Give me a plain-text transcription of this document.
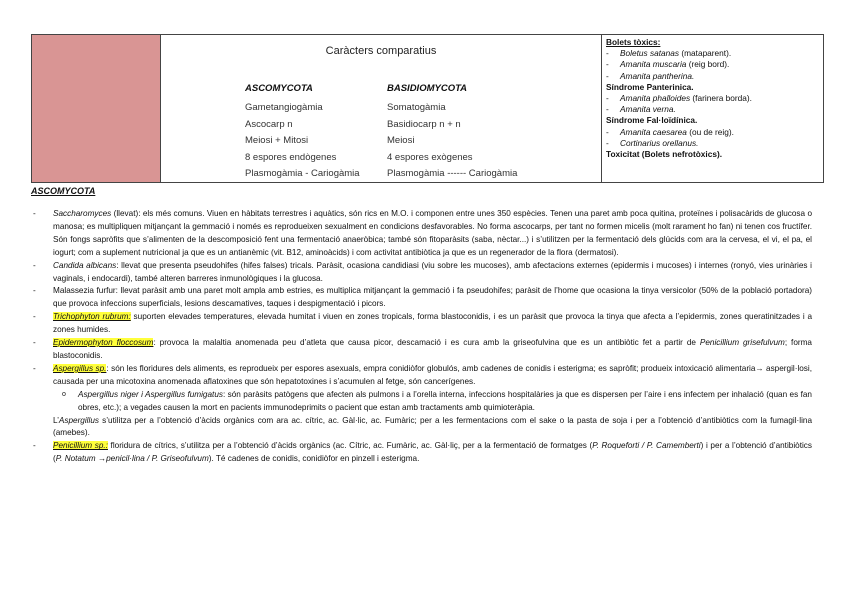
Caràcters comparatius
ASCOMYCOTA
Gametangiogàmia
Ascocarp n
Meiosi + Mitosi
8 espores endògenes
Plasmogàmia - Cariogàmia
BASIDIOMYCOTA
Somatogàmia
Basidiocarp n + n
Meiosi
4 espores exògenes
Plasmogàmia ------ Cariogàmia
Bolets tòxics:
- Boletus satanas (mataparent).
- Amanita muscaria (reig bord).
- Amanita pantherina.
Síndrome Panterinica.
- Amanita phalloides (farinera borda).
- Amanita verna.
Síndrome Fal·loïdínica.
- Amanita caesarea (ou de reig).
- Cortinarius orellanus.
Toxicitat (Bolets nefrotòxics).
ASCOMYCOTA
- Saccharomyces (llevat): els més comuns. Viuen en hàbitats terrestres i aquàtics, són rics en M.O. i componen entre unes 350 espècies. Tenen una paret amb poca quitina, proteïnes i polisacàrids de glucosa o manosa; es multipliquen mitjançant la gemmació i només es reprodueixen sexualment en condicions desfavorables. No forma ascocarps, per tant no formen micelis (molt rarament ho fan) ni tenen cos fructífer. Són fongs sapròfits que s’alimenten de la descomposició fent una fermentació anaeròbica; també són fitoparàsits (saba, nèctar...) i s’utilitzen per la fermentació dels glúcids com ara la cervesa, el vi, el pa, el iogurt; com a suplement nutricional ja que es un antianèmic (vit. B12, aminoàcids) i com activitat antibiòtica ja que es un regenerador de la flora (dermatosi).
- Candida albicans: llevat que presenta pseudohifes (hifes falses) tricals. Paràsit, ocasiona candidiasi (viu sobre les mucoses), amb afectacions externes (epidermis i mucoses) i internes (ronyó, vies urinàries i vaginals, i endocardi), també alteren barreres inmunològiques i la glucosa.
- Malassezia furfur: llevat paràsit amb una paret molt ampla amb estries, es multiplica mitjançant la gemmació i fa pseudohifes; paràsit de l’home que ocasiona la tinya versicolor (50% de la població portadora) que provoca infeccions superficials, lesions descamatives, taques i despigmentació i picors.
- Trichophyton rubrum: suporten elevades temperatures, elevada humitat i viuen en zones tropicals, forma blastoconidis, i es un paràsit que provoca la tinya que afecta a l’epidermis, zones queratinitzades i a zones humides.
- Epidermophyton floccosum: provoca la malaltia anomenada peu d’atleta que causa picor, descamació i es cura amb la griseofulvina que es un antibiòtic fet a partir de Penicillium grisefulvum; forma blastoconidis.
- Aspergillus sp.: són les floridures dels aliments, es reprodueix per espores asexuals, empra conidiòfor globulós, amb cadenes de conidis i esterigma; es sapròfit; produeix intoxicació alimentaria→ aspergil·losi, causada per una micotoxina anomenada aflatoxines que són hepatotoxines i s’acumulen al fetge, són cancerígenes.
o Aspergillus niger i Aspergillus fumigatus: són paràsits patògens que afecten als pulmons i a l’orella interna, infeccions hospitalàries ja que es dispersen per l’aire i ens infectem per inhalació (quan es fan obres, etc.); a vegades causen la mort en pacients immunodeprimits o pacient que estan amb tractaments amb quimioteràpia.
L’Aspergillus s’utilitza per a l’obtenció d’àcids orgànics com ara ac. cítric, ac. Gàl·lic, ac. Fumàric; per a les fermentacions com el sake o la pasta de soja i per a l’obtenció d’antibiòtics com la fumagil·lina (amebes).
- Penicillium sp.: floridura de cítrics, s’utilitza per a l’obtenció d’àcids orgànics (ac. Cítric, ac. Fumàric, ac. Gàl·liç, per a la fermentació de formatges (P. Roqueforti / P. Camemberti) i per a l’obtenció d’antibiòtics (P. Notatum →penicil·lina / P. Griseofulvum). Té cadenes de conidis, conidiòfor en pinzell i esterigma.
